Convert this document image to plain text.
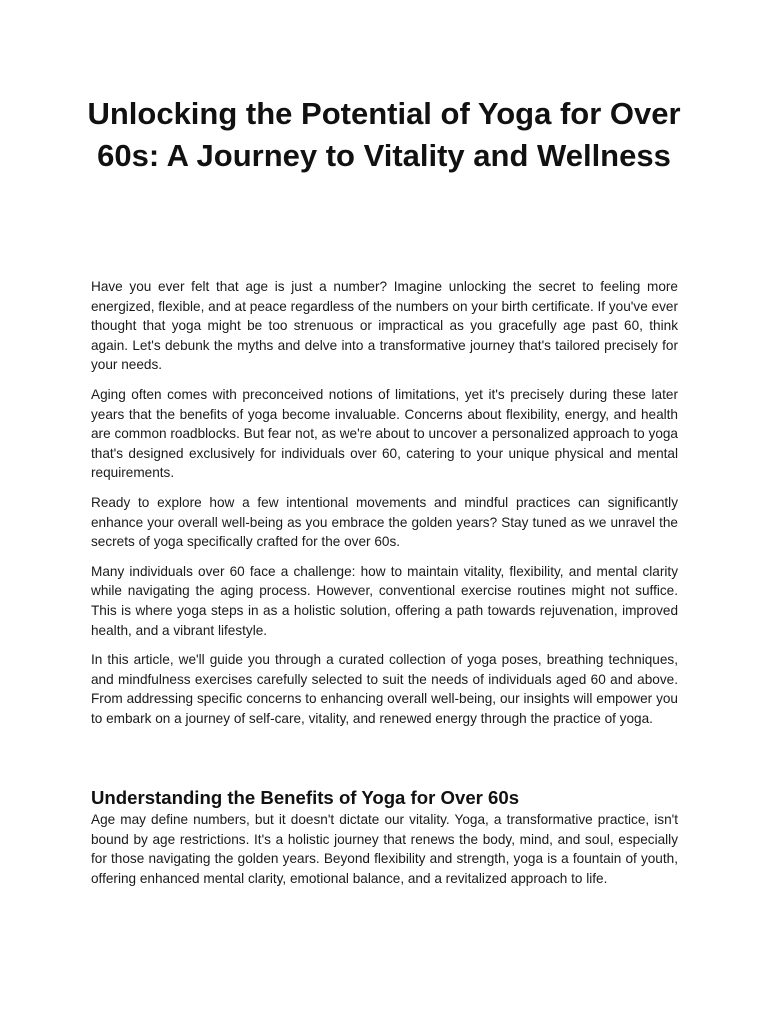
Unlocking the Potential of Yoga for Over 60s: A Journey to Vitality and Wellness

Have you ever felt that age is just a number? Imagine unlocking the secret to feeling more energized, flexible, and at peace regardless of the numbers on your birth certificate. If you've ever thought that yoga might be too strenuous or impractical as you gracefully age past 60, think again. Let's debunk the myths and delve into a transformative journey that's tailored precisely for your needs.

Aging often comes with preconceived notions of limitations, yet it's precisely during these later years that the benefits of yoga become invaluable. Concerns about flexibility, energy, and health are common roadblocks. But fear not, as we're about to uncover a personalized approach to yoga that's designed exclusively for individuals over 60, catering to your unique physical and mental requirements.

Ready to explore how a few intentional movements and mindful practices can significantly enhance your overall well-being as you embrace the golden years? Stay tuned as we unravel the secrets of yoga specifically crafted for the over 60s.

Many individuals over 60 face a challenge: how to maintain vitality, flexibility, and mental clarity while navigating the aging process. However, conventional exercise routines might not suffice. This is where yoga steps in as a holistic solution, offering a path towards rejuvenation, improved health, and a vibrant lifestyle.

In this article, we'll guide you through a curated collection of yoga poses, breathing techniques, and mindfulness exercises carefully selected to suit the needs of individuals aged 60 and above. From addressing specific concerns to enhancing overall well-being, our insights will empower you to embark on a journey of self-care, vitality, and renewed energy through the practice of yoga.

Understanding the Benefits of Yoga for Over 60s

Age may define numbers, but it doesn't dictate our vitality. Yoga, a transformative practice, isn't bound by age restrictions. It's a holistic journey that renews the body, mind, and soul, especially for those navigating the golden years. Beyond flexibility and strength, yoga is a fountain of youth, offering enhanced mental clarity, emotional balance, and a revitalized approach to life.
